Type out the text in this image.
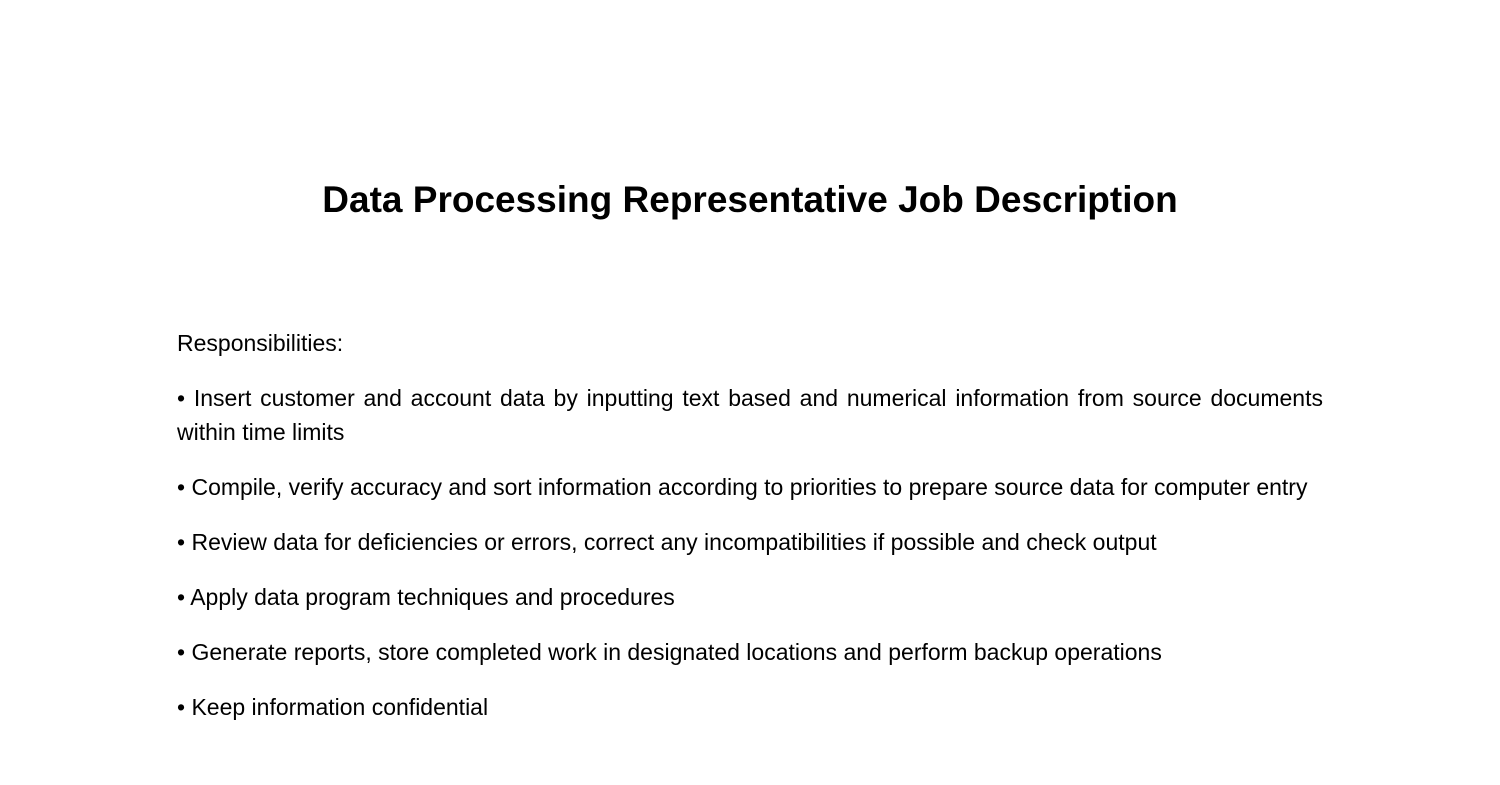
Data Processing Representative Job Description

Responsibilities:

• Insert customer and account data by inputting text based and numerical information from source documents within time limits

• Compile, verify accuracy and sort information according to priorities to prepare source data for computer entry

• Review data for deficiencies or errors, correct any incompatibilities if possible and check output

• Apply data program techniques and procedures

• Generate reports, store completed work in designated locations and perform backup operations

• Keep information confidential
